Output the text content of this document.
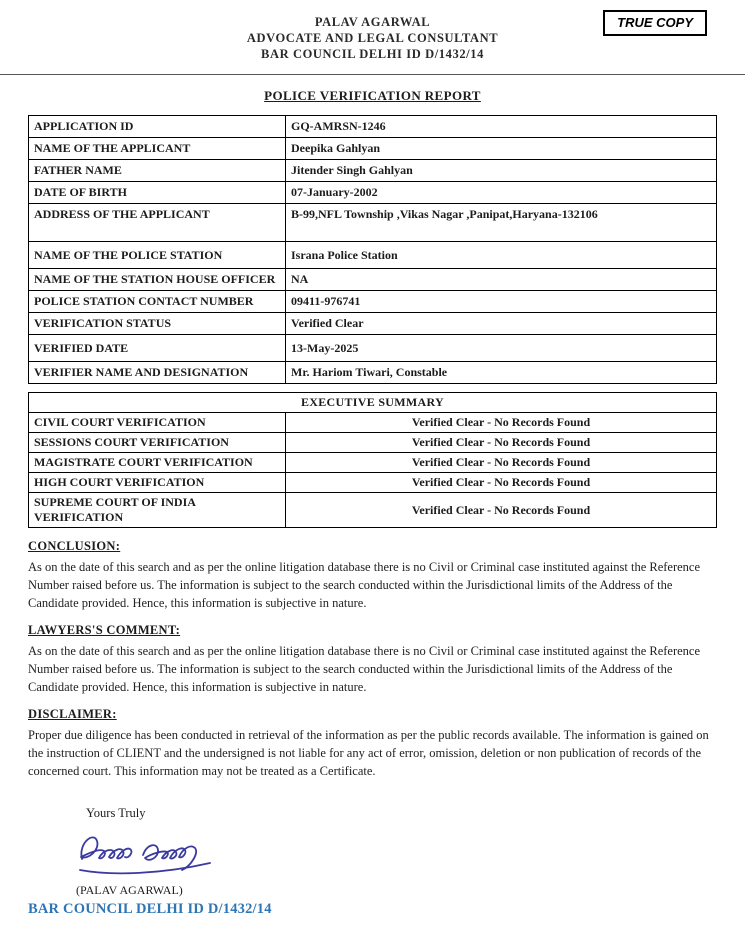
TRUE COPY
PALAV AGARWAL
ADVOCATE AND LEGAL CONSULTANT
BAR COUNCIL DELHI ID D/1432/14
POLICE VERIFICATION REPORT
APPLICATION ID	GQ-AMRSN-1246
NAME OF THE APPLICANT	Deepika Gahlyan
FATHER NAME	Jitender Singh Gahlyan
DATE OF BIRTH	07-January-2002
ADDRESS OF THE APPLICANT	B-99,NFL Township ,Vikas Nagar ,Panipat,Haryana-132106
NAME OF THE POLICE STATION	Israna Police Station
NAME OF THE STATION HOUSE OFFICER	NA
POLICE STATION CONTACT NUMBER	09411-976741
VERIFICATION STATUS	Verified Clear
VERIFIED DATE	13-May-2025
VERIFIER NAME AND DESIGNATION	Mr. Hariom Tiwari, Constable
EXECUTIVE SUMMARY	
CIVIL COURT VERIFICATION	Verified Clear - No Records Found
SESSIONS COURT VERIFICATION	Verified Clear - No Records Found
MAGISTRATE COURT VERIFICATION	Verified Clear - No Records Found
HIGH COURT VERIFICATION	Verified Clear - No Records Found
SUPREME COURT OF INDIA VERIFICATION	Verified Clear - No Records Found
CONCLUSION:
As on the date of this search and as per the online litigation database there is no Civil or Criminal case instituted against the Reference Number raised before us. The information is subject to the search conducted within the Jurisdictional limits of the Address of the Candidate provided. Hence, this information is subjective in nature.
LAWYERS'S COMMENT:
As on the date of this search and as per the online litigation database there is no Civil or Criminal case instituted against the Reference Number raised before us. The information is subject to the search conducted within the Jurisdictional limits of the Address of the Candidate provided. Hence, this information is subjective in nature.
DISCLAIMER:
Proper due diligence has been conducted in retrieval of the information as per the public records available. The information is gained on the instruction of CLIENT and the undersigned is not liable for any act of error, omission, deletion or non publication of records of the concerned court. This information may not be treated as a Certificate.
Yours Truly
(PALAV AGARWAL)
BAR COUNCIL DELHI ID D/1432/14
